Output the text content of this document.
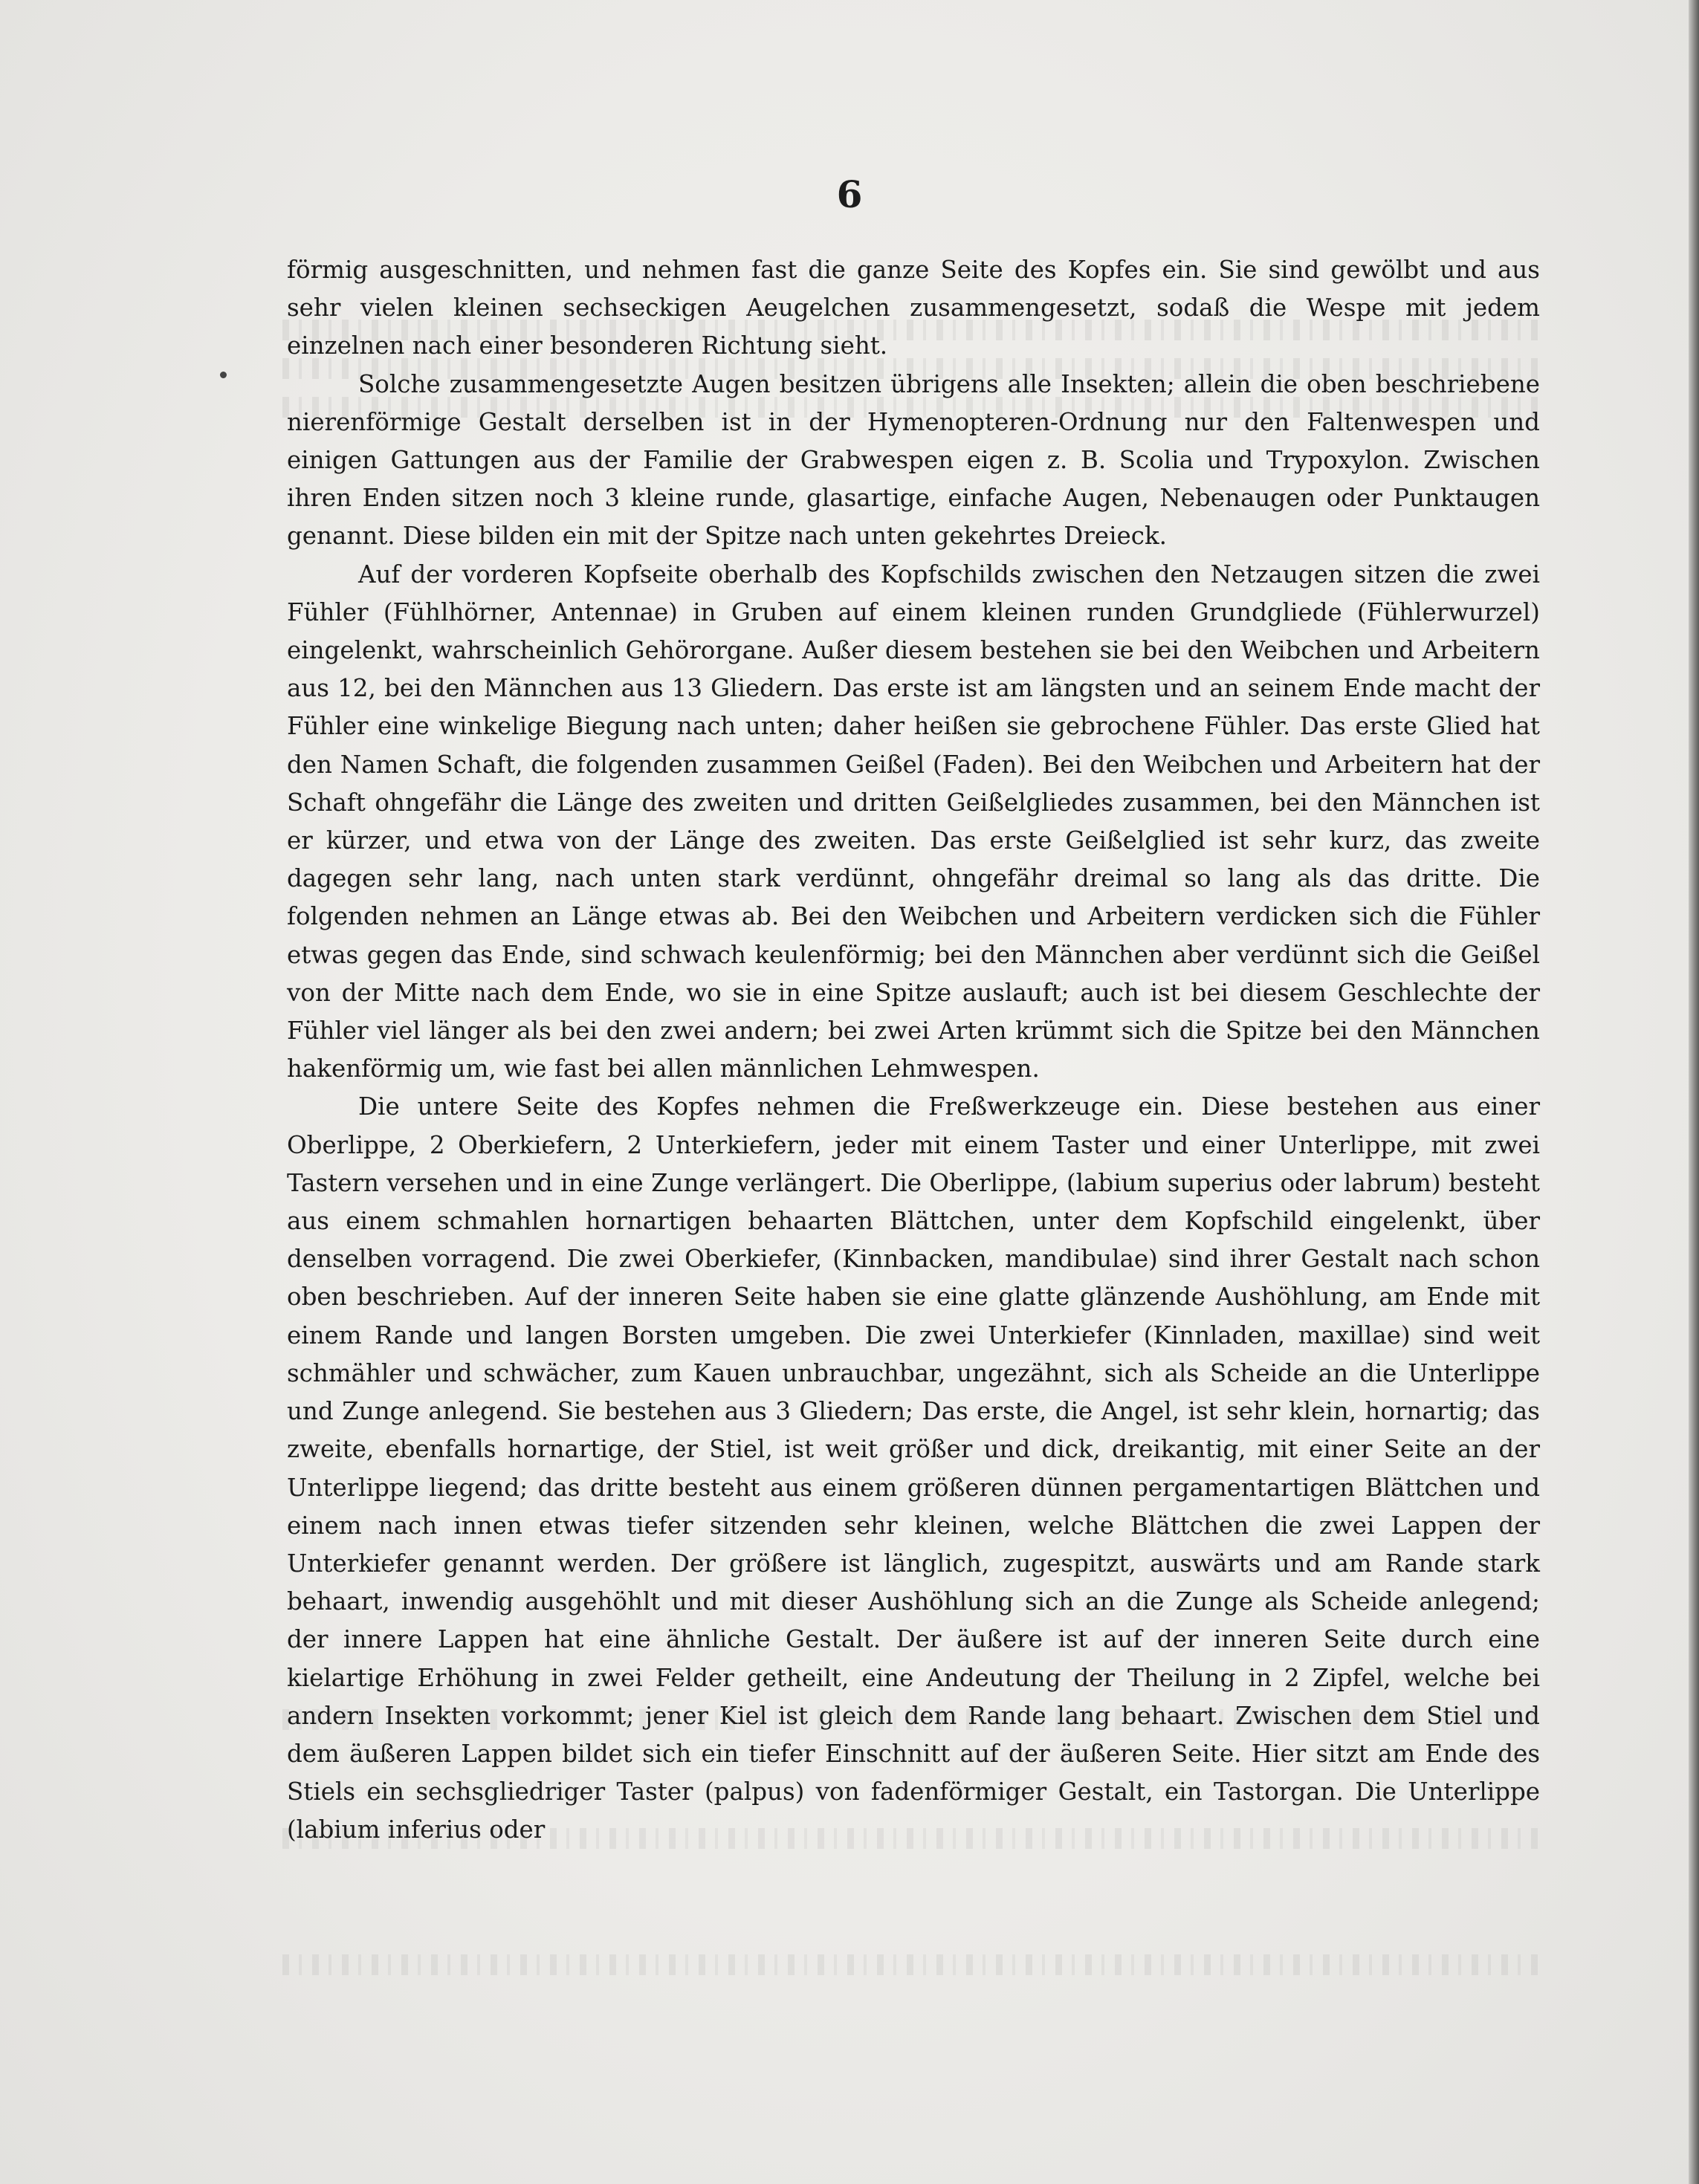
6

förmig ausgeschnitten, und nehmen fast die ganze Seite des Kopfes ein. Sie sind gewölbt und aus sehr vielen kleinen sechseckigen Aeugelchen zusammengesetzt, sodaß die Wespe mit jedem einzelnen nach einer besonderen Richtung sieht.

Solche zusammengesetzte Augen besitzen übrigens alle Insekten; allein die oben beschriebene nierenförmige Gestalt derselben ist in der Hymenopteren-Ordnung nur den Faltenwespen und einigen Gattungen aus der Familie der Grabwespen eigen z. B. Scolia und Trypoxylon. Zwischen ihren Enden sitzen noch 3 kleine runde, glasartige, einfache Augen, Nebenaugen oder Punktaugen genannt. Diese bilden ein mit der Spitze nach unten gekehrtes Dreieck.

Auf der vorderen Kopfseite oberhalb des Kopfschilds zwischen den Netzaugen sitzen die zwei Fühler (Fühlhörner, Antennae) in Gruben auf einem kleinen runden Grundgliede (Fühlerwurzel) eingelenkt, wahrscheinlich Gehörorgane. Außer diesem bestehen sie bei den Weibchen und Arbeitern aus 12, bei den Männchen aus 13 Gliedern. Das erste ist am längsten und an seinem Ende macht der Fühler eine winkelige Biegung nach unten; daher heißen sie gebrochene Fühler. Das erste Glied hat den Namen Schaft, die folgenden zusammen Geißel (Faden). Bei den Weibchen und Arbeitern hat der Schaft ohngefähr die Länge des zweiten und dritten Geißelgliedes zusammen, bei den Männchen ist er kürzer, und etwa von der Länge des zweiten. Das erste Geißelglied ist sehr kurz, das zweite dagegen sehr lang, nach unten stark verdünnt, ohngefähr dreimal so lang als das dritte. Die folgenden nehmen an Länge etwas ab. Bei den Weibchen und Arbeitern verdicken sich die Fühler etwas gegen das Ende, sind schwach keulenförmig; bei den Männchen aber verdünnt sich die Geißel von der Mitte nach dem Ende, wo sie in eine Spitze auslauft; auch ist bei diesem Geschlechte der Fühler viel länger als bei den zwei andern; bei zwei Arten krümmt sich die Spitze bei den Männchen hakenförmig um, wie fast bei allen männlichen Lehmwespen.

Die untere Seite des Kopfes nehmen die Freßwerkzeuge ein. Diese bestehen aus einer Oberlippe, 2 Oberkiefern, 2 Unterkiefern, jeder mit einem Taster und einer Unterlippe, mit zwei Tastern versehen und in eine Zunge verlängert. Die Oberlippe, (labium superius oder labrum) besteht aus einem schmahlen hornartigen behaarten Blättchen, unter dem Kopfschild eingelenkt, über denselben vorragend. Die zwei Oberkiefer, (Kinnbacken, mandibulae) sind ihrer Gestalt nach schon oben beschrieben. Auf der inneren Seite haben sie eine glatte glänzende Aushöhlung, am Ende mit einem Rande und langen Borsten umgeben. Die zwei Unterkiefer (Kinnladen, maxillae) sind weit schmähler und schwächer, zum Kauen unbrauchbar, ungezähnt, sich als Scheide an die Unterlippe und Zunge anlegend. Sie bestehen aus 3 Gliedern; Das erste, die Angel, ist sehr klein, hornartig; das zweite, ebenfalls hornartige, der Stiel, ist weit größer und dick, dreikantig, mit einer Seite an der Unterlippe liegend; das dritte besteht aus einem größeren dünnen pergamentartigen Blättchen und einem nach innen etwas tiefer sitzenden sehr kleinen, welche Blättchen die zwei Lappen der Unterkiefer genannt werden. Der größere ist länglich, zugespitzt, auswärts und am Rande stark behaart, inwendig ausgehöhlt und mit dieser Aushöhlung sich an die Zunge als Scheide anlegend; der innere Lappen hat eine ähnliche Gestalt. Der äußere ist auf der inneren Seite durch eine kielartige Erhöhung in zwei Felder getheilt, eine Andeutung der Theilung in 2 Zipfel, welche bei andern Insekten vorkommt; jener Kiel ist gleich dem Rande lang behaart. Zwischen dem Stiel und dem äußeren Lappen bildet sich ein tiefer Einschnitt auf der äußeren Seite. Hier sitzt am Ende des Stiels ein sechsgliedriger Taster (palpus) von fadenförmiger Gestalt, ein Tastorgan. Die Unterlippe (labium inferius oder
